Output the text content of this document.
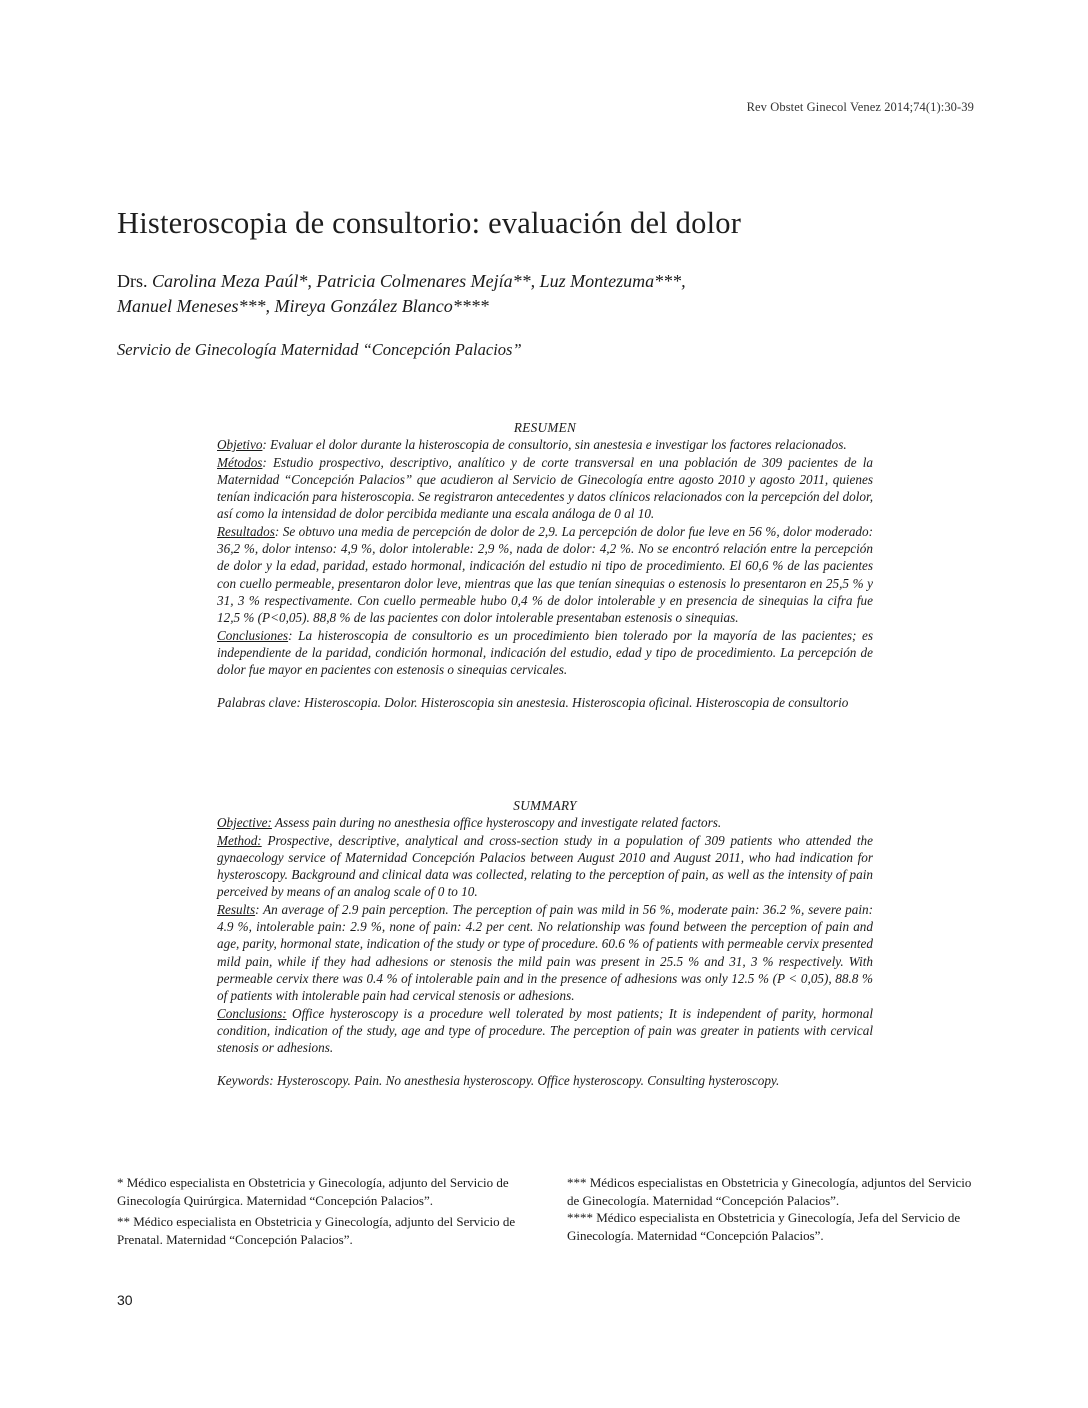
Rev Obstet Ginecol Venez 2014;74(1):30-39
Histeroscopia de consultorio: evaluación del dolor
Drs. Carolina Meza Paúl*, Patricia Colmenares Mejía**, Luz Montezuma***,
Manuel Meneses***, Mireya González Blanco****
Servicio de Ginecología Maternidad “Concepción Palacios”
RESUMEN

Objetivo: Evaluar el dolor durante la histeroscopia de consultorio, sin anestesia e investigar los factores relacionados.

Métodos: Estudio prospectivo, descriptivo, analítico y de corte transversal en una población de 309 pacientes de la Maternidad “Concepción Palacios” que acudieron al Servicio de Ginecología entre agosto 2010 y agosto 2011, quienes tenían indicación para histeroscopia. Se registraron antecedentes y datos clínicos relacionados con la percepción del dolor, así como la intensidad de dolor percibida mediante una escala análoga de 0 al 10.

Resultados: Se obtuvo una media de percepción de dolor de 2,9. La percepción de dolor fue leve en 56 %, dolor moderado: 36,2 %, dolor intenso: 4,9 %, dolor intolerable: 2,9 %, nada de dolor: 4,2 %. No se encontró relación entre la percepción de dolor y la edad, paridad, estado hormonal, indicación del estudio ni tipo de procedimiento. El 60,6 % de las pacientes con cuello permeable, presentaron dolor leve, mientras que las que tenían sinequias o estenosis lo presentaron en 25,5 % y 31, 3 % respectivamente. Con cuello permeable hubo 0,4 % de dolor intolerable y en presencia de sinequias la cifra fue 12,5 % (P<0,05). 88,8 % de las pacientes con dolor intolerable presentaban estenosis o sinequias.

Conclusiones: La histeroscopia de consultorio es un procedimiento bien tolerado por la mayoría de las pacientes; es independiente de la paridad, condición hormonal, indicación del estudio, edad y tipo de procedimiento. La percepción de dolor fue mayor en pacientes con estenosis o sinequias cervicales.

Palabras clave: Histeroscopia. Dolor. Histeroscopia sin anestesia. Histeroscopia oficinal. Histeroscopia de consultorio

SUMMARY

Objective: Assess pain during no anesthesia office hysteroscopy and investigate related factors.

Method: Prospective, descriptive, analytical and cross-section study in a population of 309 patients who attended the gynaecology service of Maternidad Concepción Palacios between August 2010 and August 2011, who had indication for hysteroscopy. Background and clinical data was collected, relating to the perception of pain, as well as the intensity of pain perceived by means of an analog scale of 0 to 10.

Results: An average of 2.9 pain perception. The perception of pain was mild in 56 %, moderate pain: 36.2 %, severe pain: 4.9 %, intolerable pain: 2.9 %, none of pain: 4.2 per cent. No relationship was found between the perception of pain and age, parity, hormonal state, indication of the study or type of procedure. 60.6 % of patients with permeable cervix presented mild pain, while if they had adhesions or stenosis the mild pain was present in 25.5 % and 31, 3 % respectively. With permeable cervix there was 0.4 % of intolerable pain and in the presence of adhesions was only 12.5 % (P < 0,05), 88.8 % of patients with intolerable pain had cervical stenosis or adhesions.

Conclusions: Office hysteroscopy is a procedure well tolerated by most patients; It is independent of parity, hormonal condition, indication of the study, age and type of procedure. The perception of pain was greater in patients with cervical stenosis or adhesions.

Keywords: Hysteroscopy. Pain. No anesthesia hysteroscopy. Office hysteroscopy. Consulting hysteroscopy.

* Médico especialista en Obstetricia y Ginecología, adjunto del Servicio de Ginecología Quirúrgica. Maternidad “Concepción Palacios”.

** Médico especialista en Obstetricia y Ginecología, adjunto del Servicio de Prenatal. Maternidad “Concepción Palacios”.

*** Médicos especialistas en Obstetricia y Ginecología, adjuntos del Servicio de Ginecología. Maternidad “Concepción Palacios”.

**** Médico especialista en Obstetricia y Ginecología, Jefa del Servicio de Ginecología. Maternidad “Concepción Palacios”.

30
